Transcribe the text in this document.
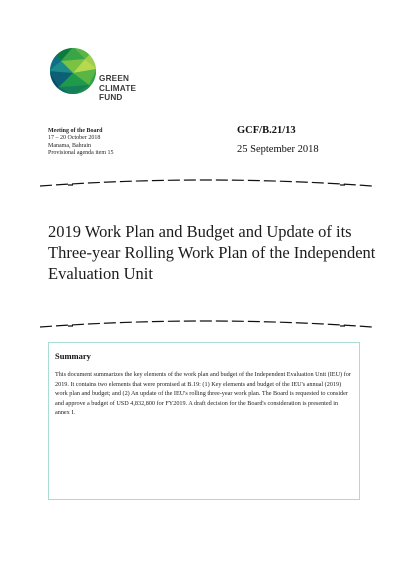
GREEN
CLIMATE
FUND
Meeting of the Board
17 – 20 October 2018
Manama, Bahrain
Provisional agenda item 15
GCF/B.21/13
25 September 2018
2019 Work Plan and Budget and Update of its Three-year Rolling Work Plan of the Independent Evaluation Unit
Summary
This document summarizes the key elements of the work plan and budget of the Independent Evaluation Unit (IEU) for 2019. It contains two elements that were promised at B.19: (1) Key elements and budget of the IEU's annual (2019) work plan and budget; and (2) An update of the IEU's rolling three-year work plan. The Board is requested to consider and approve a budget of USD 4,832,800 for FY2019. A draft decision for the Board's consideration is presented in annex I.
